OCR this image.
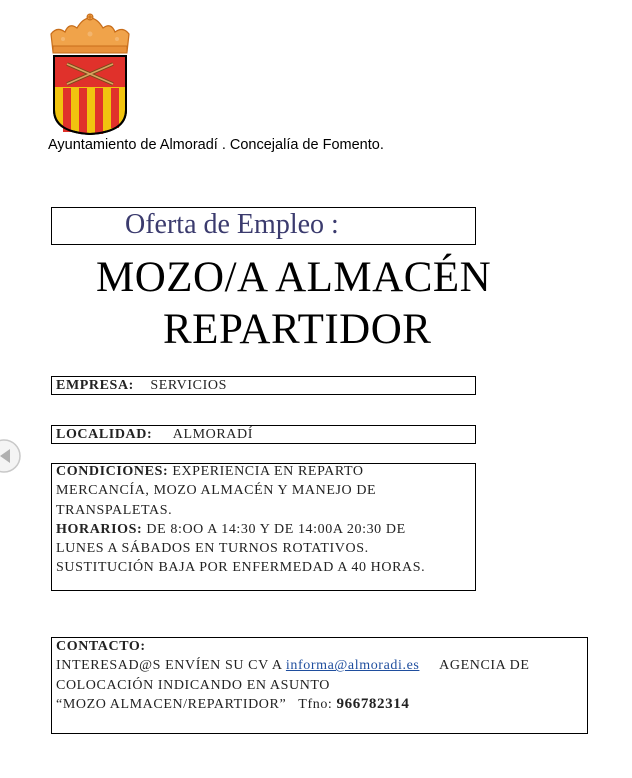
Ayuntamiento de Almoradí . Concejalía de Fomento.
Oferta de Empleo :
MOZO/A ALMACÉN
REPARTIDOR
EMPRESA: SERVICIOS
LOCALIDAD: ALMORADÍ
CONDICIONES: EXPERIENCIA EN REPARTO
MERCANCÍA, MOZO ALMACÉN Y MANEJO DE
TRANSPALETAS.
HORARIOS: DE 8:OO A 14:30 Y DE 14:00A 20:30 DE
LUNES A SÁBADOS EN TURNOS ROTATIVOS.
SUSTITUCIÓN BAJA POR ENFERMEDAD A 40 HORAS.
CONTACTO:
INTERESAD@S ENVÍEN SU CV A informa@almoradi.es     AGENCIA DE
COLOCACIÓN INDICANDO EN ASUNTO
“MOZO ALMACEN/REPARTIDOR”   Tfno: 966782314
